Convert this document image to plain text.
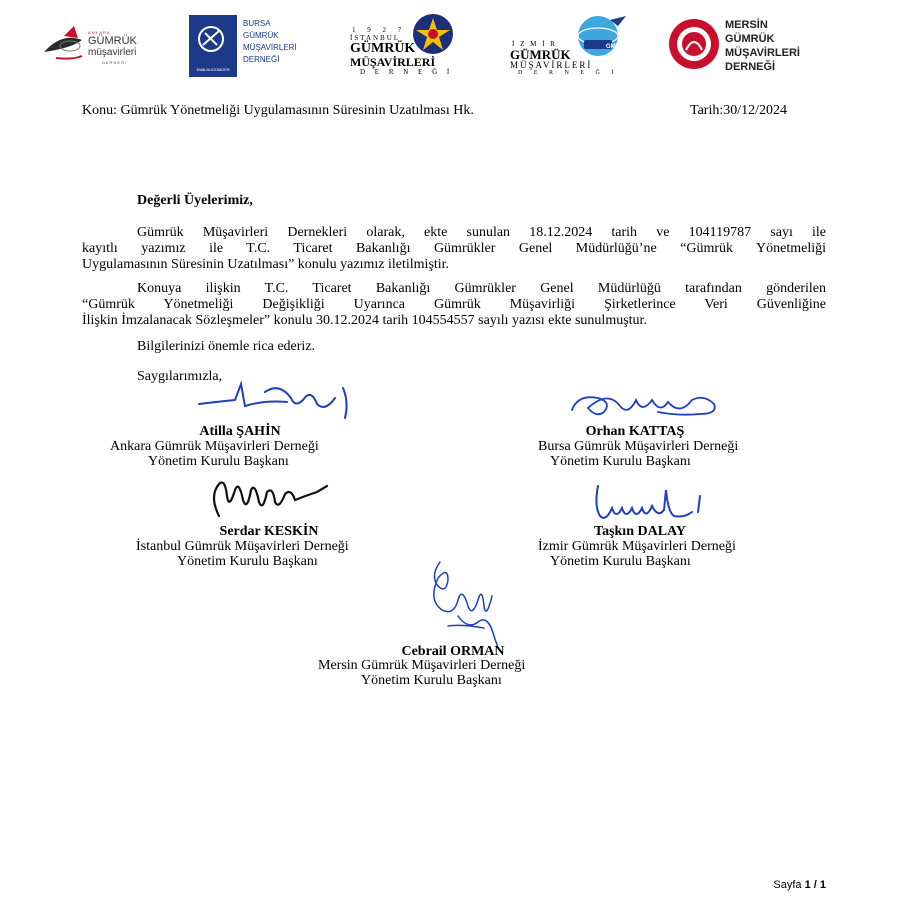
ANKARA
GÜMRÜK
müşavirleri
DERNEĞİ
1988-BUGÜMDER
BURSA
GÜMRÜK
MÜŞAVİRLERİ
DERNEĞİ
1 9 2 7
İSTANBUL
GÜMRÜK
MÜŞAVİRLERİ
D E R N E Ğ İ
GMD
İ Z M İ R
GÜMRÜK
MÜŞAVİRLERİ
D E R N E Ğ İ
MERSİN
GÜMRÜK
MÜŞAVİRLERİ
DERNEĞİ
Konu: Gümrük Yönetmeliği Uygulamasının Süresinin Uzatılması Hk.	Tarih:30/12/2024
Değerli Üyelerimiz,
Gümrük Müşavirleri Dernekleri olarak, ekte sunulan 18.12.2024 tarih ve 104119787 sayı ile
kayıtlı yazımız ile T.C. Ticaret Bakanlığı Gümrükler Genel Müdürlüğü’ne “Gümrük Yönetmeliği
Uygulamasının Süresinin Uzatılması” konulu yazımız iletilmiştir.
Konuya ilişkin T.C. Ticaret Bakanlığı Gümrükler Genel Müdürlüğü tarafından gönderilen
“Gümrük Yönetmeliği Değişikliği Uyarınca Gümrük Müşavirliği Şirketlerince Veri Güvenliğine
İlişkin İmzalanacak Sözleşmeler” konulu 30.12.2024 tarih 104554557 sayılı yazısı ekte sunulmuştur.
Bilgilerinizi önemle rica ederiz.
Saygılarımızla,
Atilla ŞAHİN
Ankara Gümrük Müşavirleri Derneği
Yönetim Kurulu Başkanı
Orhan KATTAŞ
Bursa Gümrük Müşavirleri Derneği
Yönetim Kurulu Başkanı
Serdar KESKİN
İstanbul Gümrük Müşavirleri Derneği
Yönetim Kurulu Başkanı
Taşkın DALAY
İzmir Gümrük Müşavirleri Derneği
Yönetim Kurulu Başkanı
Cebrail ORMAN
Mersin Gümrük Müşavirleri Derneği
Yönetim Kurulu Başkanı
Sayfa 1 / 1
